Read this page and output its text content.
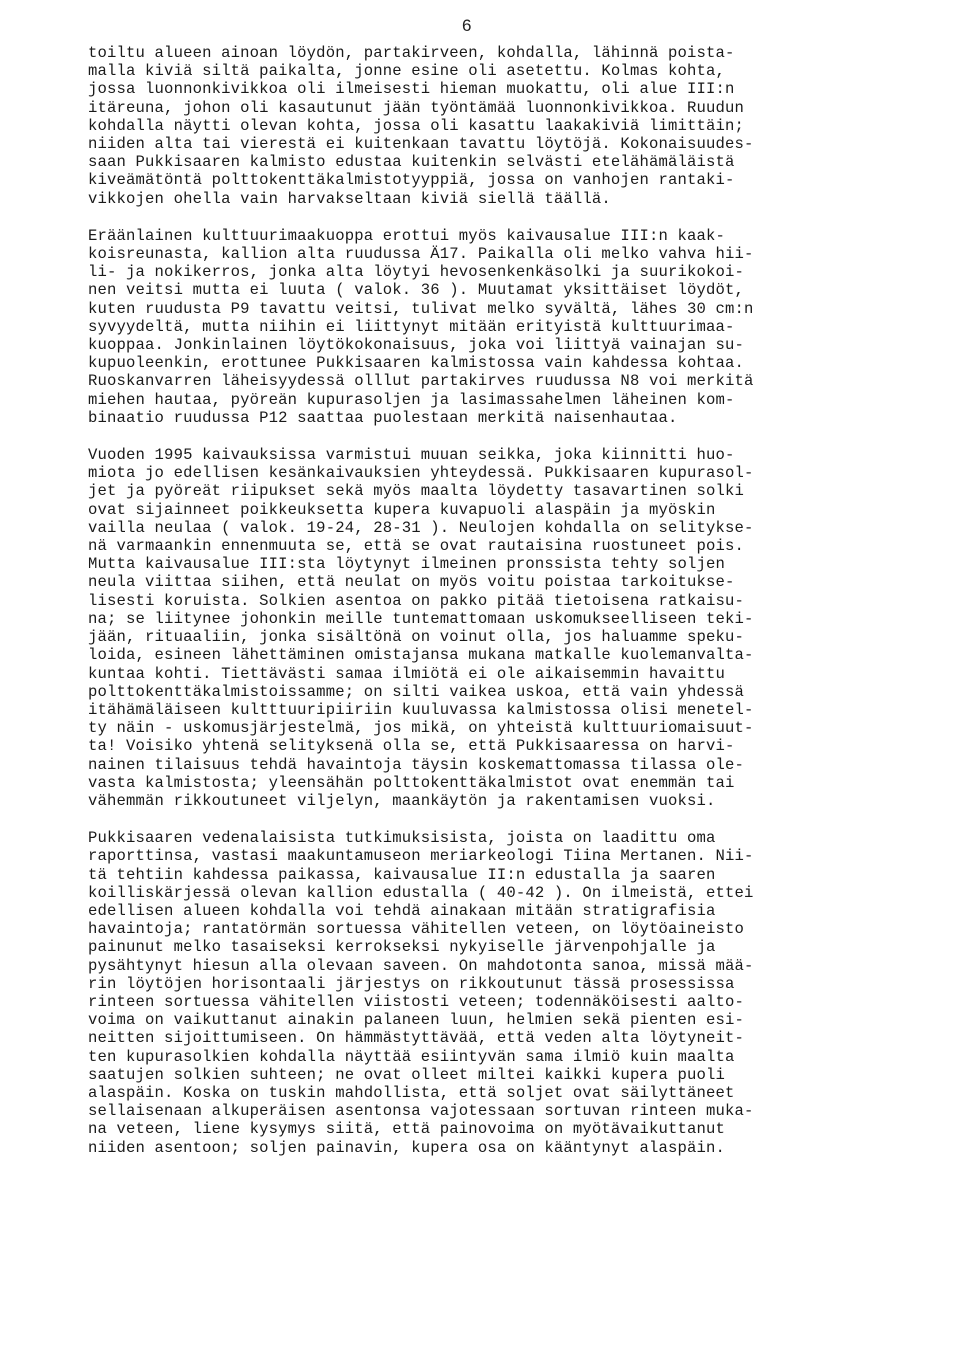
6
toiltu alueen ainoan löydön, partakirveen, kohdalla, lähinnä poista-
malla kiviä siltä paikalta, jonne esine oli asetettu. Kolmas kohta,
jossa luonnonkivikkoa oli ilmeisesti hieman muokattu, oli alue III:n
itäreuna, johon oli kasautunut jään työntämää luonnonkivikkoa. Ruudun
kohdalla näytti olevan kohta, jossa oli kasattu laakakiviä limittäin;
niiden alta tai vierestä ei kuitenkaan tavattu löytöjä. Kokonaisuudes-
saan Pukkisaaren kalmisto edustaa kuitenkin selvästi etelähämäläistä
kiveämätöntä polttokenttäkalmistotyyppiä, jossa on vanhojen rantaki-
vikkojen ohella vain harvakseltaan kiviä siellä täällä.
Eräänlainen kulttuurimaakuoppa erottui myös kaivausalue III:n kaak-
koisreunasta, kallion alta ruudussa Ä17. Paikalla oli melko vahva hii-
li- ja nokikerros, jonka alta löytyi hevosenkenkäsolki ja suurikokoi-
nen veitsi mutta ei luuta ( valok. 36 ). Muutamat yksittäiset löydöt,
kuten ruudusta P9 tavattu veitsi, tulivat melko syvältä, lähes 30 cm:n
syvyydeltä, mutta niihin ei liittynyt mitään erityistä kulttuurimaa-
kuoppaa. Jonkinlainen löytökokonaisuus, joka voi liittyä vainajan su-
kupuoleenkin, erottunee Pukkisaaren kalmistossa vain kahdessa kohtaa.
Ruoskanvarren läheisyydessä olllut partakirves ruudussa N8 voi merkitä
miehen hautaa, pyöreän kupurasoljen ja lasimassahelmen läheinen kom-
binaatio ruudussa P12 saattaa puolestaan merkitä naisenhautaa.
Vuoden 1995 kaivauksissa varmistui muuan seikka, joka kiinnitti huo-
miota jo edellisen kesänkaivauksien yhteydessä. Pukkisaaren kupurasol-
jet ja pyöreät riipukset sekä myös maalta löydetty tasavartinen solki
ovat sijainneet poikkeuksetta kupera kuvapuoli alaspäin ja myöskin
vailla neulaa ( valok. 19-24, 28-31 ). Neulojen kohdalla on selitykse-
nä varmaankin ennenmuuta se, että se ovat rautaisina ruostuneet pois.
Mutta kaivausalue III:sta löytynyt ilmeinen pronssista tehty soljen
neula viittaa siihen, että neulat on myös voitu poistaa tarkoitukse-
lisesti koruista. Solkien asentoa on pakko pitää tietoisena ratkaisu-
na; se liitynee johonkin meille tuntemattomaan uskomukseelliseen teki-
jään, rituaaliin, jonka sisältönä on voinut olla, jos haluamme speku-
loida, esineen lähettäminen omistajansa mukana matkalle kuolemanvalta-
kuntaa kohti. Tiettävästi samaa ilmiötä ei ole aikaisemmin havaittu
polttokenttäkalmistoissamme; on silti vaikea uskoa, että vain yhdessä
itähämäläiseen kultttuuripiiriin kuuluvassa kalmistossa olisi menetel-
ty näin - uskomusjärjestelmä, jos mikä, on yhteistä kulttuuriomaisuut-
ta! Voisiko yhtenä selityksenä olla se, että Pukkisaaressa on harvi-
nainen tilaisuus tehdä havaintoja täysin koskemattomassa tilassa ole-
vasta kalmistosta; yleensähän polttokenttäkalmistot ovat enemmän tai
vähemmän rikkoutuneet viljelyn, maankäytön ja rakentamisen vuoksi.
Pukkisaaren vedenalaisista tutkimuksisista, joista on laadittu oma
raporttinsa, vastasi maakuntamuseon meriarkeologi Tiina Mertanen. Nii-
tä tehtiin kahdessa paikassa, kaivausalue II:n edustalla ja saaren
koilliskärjessä olevan kallion edustalla ( 40-42 ). On ilmeistä, ettei
edellisen alueen kohdalla voi tehdä ainakaan mitään stratigrafisia
havaintoja; rantatörmän sortuessa vähitellen veteen, on löytöaineisto
painunut melko tasaiseksi kerrokseksi nykyiselle järvenpohjalle ja
pysähtynyt hiesun alla olevaan saveen. On mahdotonta sanoa, missä mää-
rin löytöjen horisontaali järjestys on rikkoutunut tässä prosessissa
rinteen sortuessa vähitellen viistosti veteen; todennäköisesti aalto-
voima on vaikuttanut ainakin palaneen luun, helmien sekä pienten esi-
neitten sijoittumiseen. On hämmästyttävää, että veden alta löytyneit-
ten kupurasolkien kohdalla näyttää esiintyvän sama ilmiö kuin maalta
saatujen solkien suhteen; ne ovat olleet miltei kaikki kupera puoli
alaspäin. Koska on tuskin mahdollista, että soljet ovat säilyttäneet
sellaisenaan alkuperäisen asentonsa vajotessaan sortuvan rinteen muka-
na veteen, liene kysymys siitä, että painovoima on myötävaikuttanut
niiden asentoon; soljen painavin, kupera osa on kääntynyt alaspäin.
